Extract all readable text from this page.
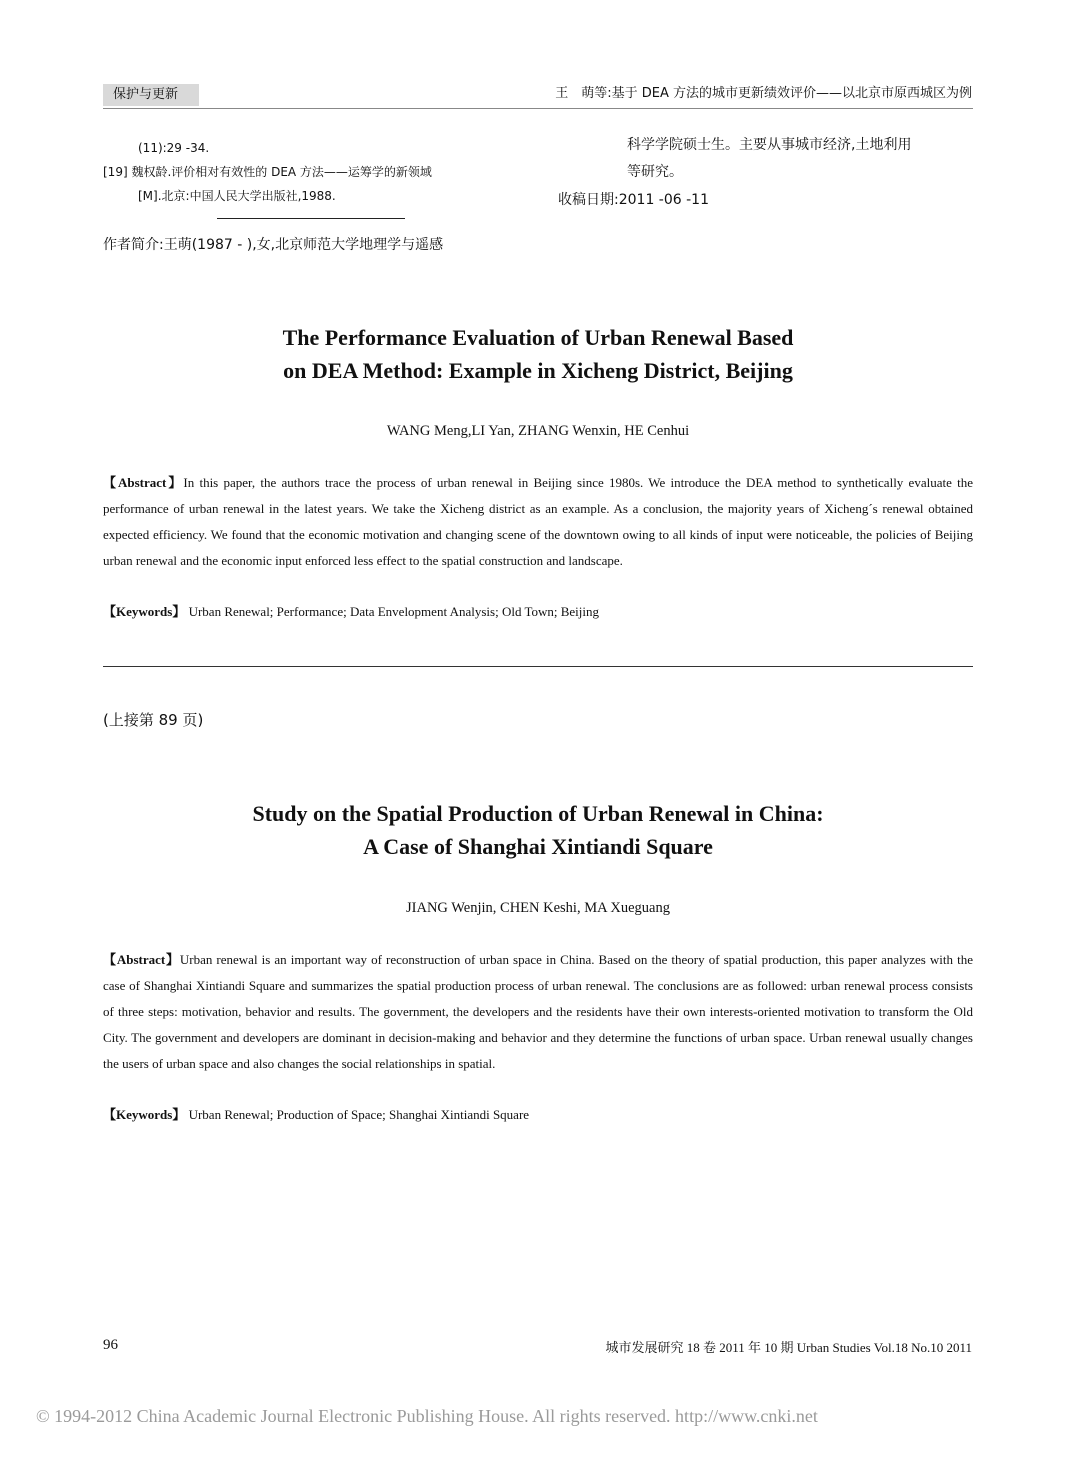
保护与更新	王　萌等:基于 DEA 方法的城市更新绩效评价——以北京市原西城区为例
(11):29 -34.
[19] 魏权龄.评价相对有效性的 DEA 方法——运筹学的新领域
[M].北京:中国人民大学出版社,1988.
作者简介:王萌(1987 - ),女,北京师范大学地理学与遥感
科学学院硕士生。主要从事城市经济,土地利用
等研究。
收稿日期:2011 -06 -11
The Performance Evaluation of Urban Renewal Based
on DEA Method: Example in Xicheng District, Beijing
WANG Meng,LI Yan, ZHANG Wenxin, HE Cenhui
【Abstract】In this paper, the authors trace the process of urban renewal in Beijing since 1980s. We introduce the DEA method to synthetically evaluate the performance of urban renewal in the latest years. We take the Xicheng district as an example. As a conclusion, the majority years of Xicheng´s renewal obtained expected efficiency. We found that the economic motivation and changing scene of the downtown owing to all kinds of input were noticeable, the policies of Beijing urban renewal and the economic input enforced less effect to the spatial construction and landscape.
【Keywords】 Urban Renewal; Performance; Data Envelopment Analysis; Old Town; Beijing
(上接第 89 页)
Study on the Spatial Production of Urban Renewal in China:
A Case of Shanghai Xintiandi Square
JIANG Wenjin, CHEN Keshi, MA Xueguang
【Abstract】Urban renewal is an important way of reconstruction of urban space in China. Based on the theory of spatial production, this paper analyzes with the case of Shanghai Xintiandi Square and summarizes the spatial production process of urban renewal. The conclusions are as followed: urban renewal process consists of three steps: motivation, behavior and results. The government, the developers and the residents have their own interests-oriented motivation to transform the Old City. The government and developers are dominant in decision-making and behavior and they determine the functions of urban space. Urban renewal usually changes the users of urban space and also changes the social relationships in spatial.
【Keywords】 Urban Renewal; Production of Space; Shanghai Xintiandi Square
96	城市发展研究 18 卷 2011 年 10 期 Urban Studies Vol.18 No.10 2011
© 1994-2012 China Academic Journal Electronic Publishing House. All rights reserved. http://www.cnki.net
